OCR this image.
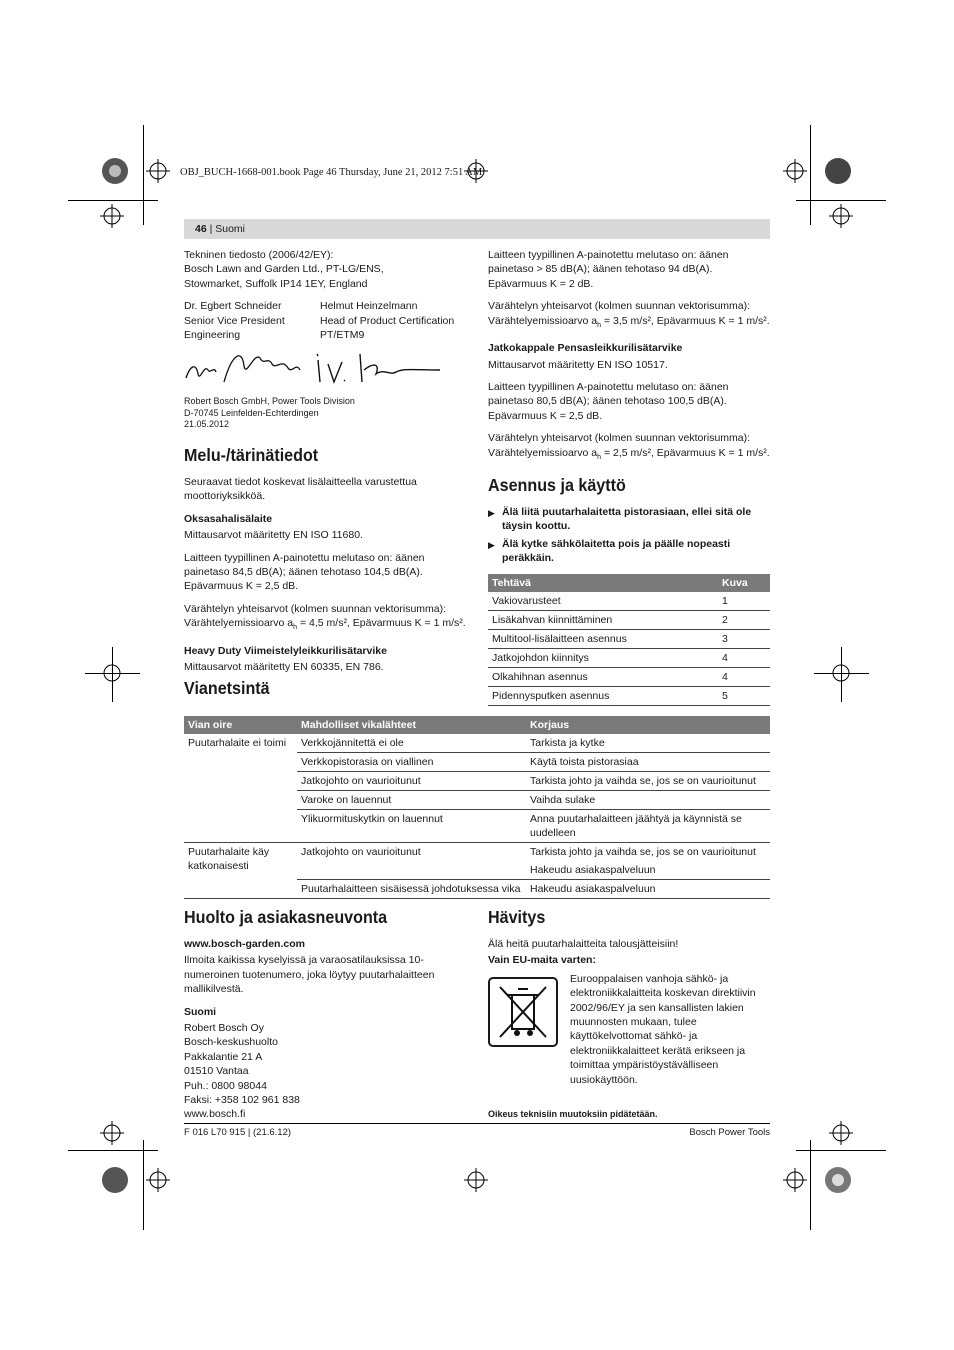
OBJ_BUCH-1668-001.book Page 46 Thursday, June 21, 2012 7:51 AM
46 | Suomi

Tekninen tiedosto (2006/42/EY):
Bosch Lawn and Garden Ltd., PT-LG/ENS,
Stowmarket, Suffolk IP14 1EY, England

Dr. Egbert Schneider
Senior Vice President
Engineering
Helmut Heinzelmann
Head of Product Certification
PT/ETM9

Robert Bosch GmbH, Power Tools Division
D-70745 Leinfelden-Echterdingen
21.05.2012

Melu-/tärinätiedot

Seuraavat tiedot koskevat lisälaitteella varustettua moottoriyksikköä.

Oksasahalisälaite

Mittausarvot määritetty EN ISO 11680.

Laitteen tyypillinen A-painotettu melutaso on: äänen painetaso 84,5 dB(A); äänen tehotaso 104,5 dB(A). Epävarmuus K = 2,5 dB.

Värähtelyn yhteisarvot (kolmen suunnan vektorisumma): Värähtelyemissioarvo $a_h = 4,5$ m/s², Epävarmuus K = 1 m/s².

Heavy Duty Viimeistelyleikkurilisätarvike

Mittausarvot määritetty EN 60335, EN 786.

Laitteen tyypillinen A-painotettu melutaso on: äänen painetaso > 85 dB(A); äänen tehotaso 94 dB(A). Epävarmuus K = 2 dB.

Värähtelyn yhteisarvot (kolmen suunnan vektorisumma): Värähtelyemissioarvo $a_h = 3,5$ m/s², Epävarmuus K = 1 m/s².

Jatkokappale Pensasleikkurilisätarvike

Mittausarvot määritetty EN ISO 10517.

Laitteen tyypillinen A-painotettu melutaso on: äänen painetaso 80,5 dB(A); äänen tehotaso 100,5 dB(A). Epävarmuus K = 2,5 dB.

Värähtelyn yhteisarvot (kolmen suunnan vektorisumma): Värähtelyemissioarvo $a_h = 2,5$ m/s², Epävarmuus K = 1 m/s².

Asennus ja käyttö
▶ Älä liitä puutarhalaitetta pistorasiaan, ellei sitä ole täysin koottu.
▶ Älä kytke sähkölaitetta pois ja päälle nopeasti peräkkäin.
Tehtävä	Kuva
Vakiovarusteet	1
Lisäkahvan kiinnittäminen	2
Multitool-lisälaitteen asennus	3
Jatkojohdon kiinnitys	4
Olkahihnan asennus	4
Pidennysputken asennus	5
Vianetsintä
Vian oire	Mahdolliset vikalähteet	Korjaus
Puutarhalaite ei toimi	Verkkojännitettä ei ole	Tarkista ja kytke
	Verkkopistorasia on viallinen	Käytä toista pistorasiaa
	Jatkojohto on vaurioitunut	Tarkista johto ja vaihda se, jos se on vaurioitunut
	Varoke on lauennut	Vaihda sulake
	Ylikuormituskytkin on lauennut	Anna puutarhalaitteen jäähtyä ja käynnistä se uudelleen
Puutarhalaite käy katkonaisesti	Jatkojohto on vaurioitunut	Tarkista johto ja vaihda se, jos se on vaurioitunut
		Hakeudu asiakaspalveluun
	Puutarhalaitteen sisäisessä johdotuksessa vika	Hakeudu asiakaspalveluun
Huolto ja asiakasneuvonta

www.bosch-garden.com

Ilmoita kaikissa kyselyissä ja varaosatilauksissa 10-numeroinen tuotenumero, joka löytyy puutarhalaitteen mallikilvestä.

Suomi

Robert Bosch Oy
Bosch-keskushuolto
Pakkalantie 21 A
01510 Vantaa
Puh.: 0800 98044
Faksi: +358 102 961 838
www.bosch.fi

Hävitys

Älä heitä puutarhalaitteita talousjätteisiin!

Vain EU-maita varten:

Eurooppalaisen vanhoja sähkö- ja elektroniikkalaitteita koskevan direktiivin 2002/96/EY ja sen kansallisten lakien muunnosten mukaan, tulee käyttökelvottomat sähkö- ja elektroniikkalaitteet kerätä erikseen ja toimittaa ympäristöystävälliseen uusiokäyttöön.

Oikeus teknisiin muutoksiin pidätetään.

F 016 L70 915 | (21.6.12)	Bosch Power Tools
